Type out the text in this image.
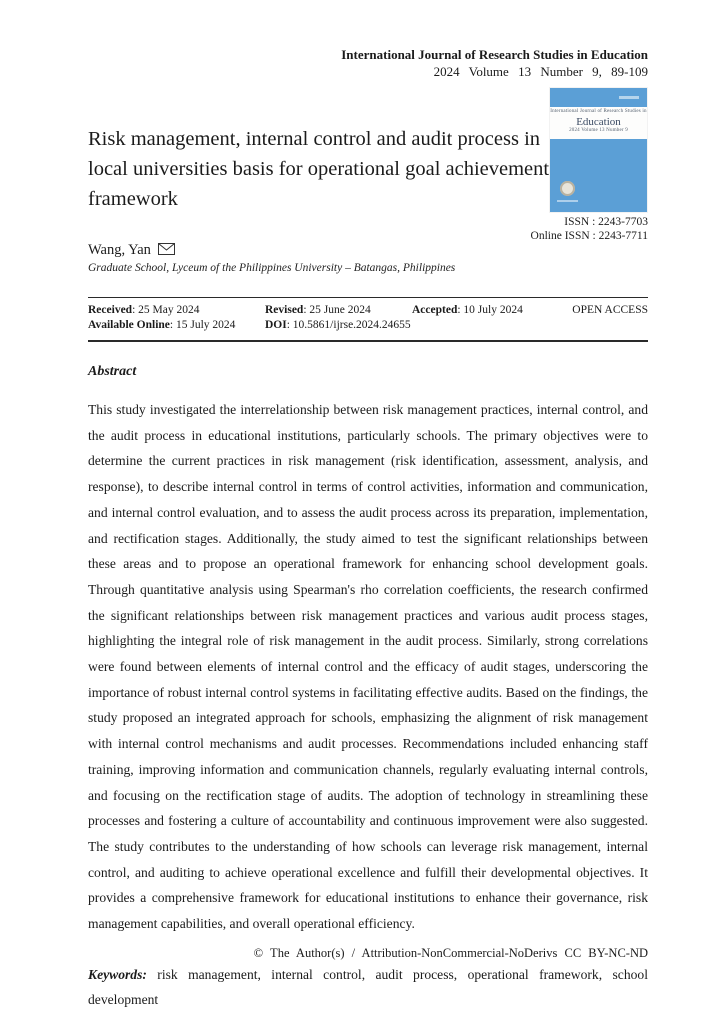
International Journal of Research Studies in Education
2024 Volume 13 Number 9, 89-109
Risk management, internal control and audit process in local universities basis for operational goal achievement framework
Wang, Yan
Graduate School, Lyceum of the Philippines University – Batangas, Philippines
Received: 25 May 2024	Revised: 25 June 2024	Accepted: 10 July 2024	OPEN ACCESS
Available Online: 15 July 2024	DOI: 10.5861/ijrse.2024.24655
Abstract
This study investigated the interrelationship between risk management practices, internal control, and the audit process in educational institutions, particularly schools. The primary objectives were to determine the current practices in risk management (risk identification, assessment, analysis, and response), to describe internal control in terms of control activities, information and communication, and internal control evaluation, and to assess the audit process across its preparation, implementation, and rectification stages. Additionally, the study aimed to test the significant relationships between these areas and to propose an operational framework for enhancing school development goals. Through quantitative analysis using Spearman's rho correlation coefficients, the research confirmed the significant relationships between risk management practices and various audit process stages, highlighting the integral role of risk management in the audit process. Similarly, strong correlations were found between elements of internal control and the efficacy of audit stages, underscoring the importance of robust internal control systems in facilitating effective audits. Based on the findings, the study proposed an integrated approach for schools, emphasizing the alignment of risk management with internal control mechanisms and audit processes. Recommendations included enhancing staff training, improving information and communication channels, regularly evaluating internal controls, and focusing on the rectification stage of audits. The adoption of technology in streamlining these processes and fostering a culture of accountability and continuous improvement were also suggested. The study contributes to the understanding of how schools can leverage risk management, internal control, and auditing to achieve operational excellence and fulfill their developmental objectives. It provides a comprehensive framework for educational institutions to enhance their governance, risk management capabilities, and overall operational efficiency.
Keywords: risk management, internal control, audit process, operational framework, school development
International Journal of Research Studies in
Education
2024 Volume 13 Number 9
ISSN : 2243-7703
Online ISSN : 2243-7711
© The Author(s) / Attribution-NonCommercial-NoDerivs CC BY-NC-ND
